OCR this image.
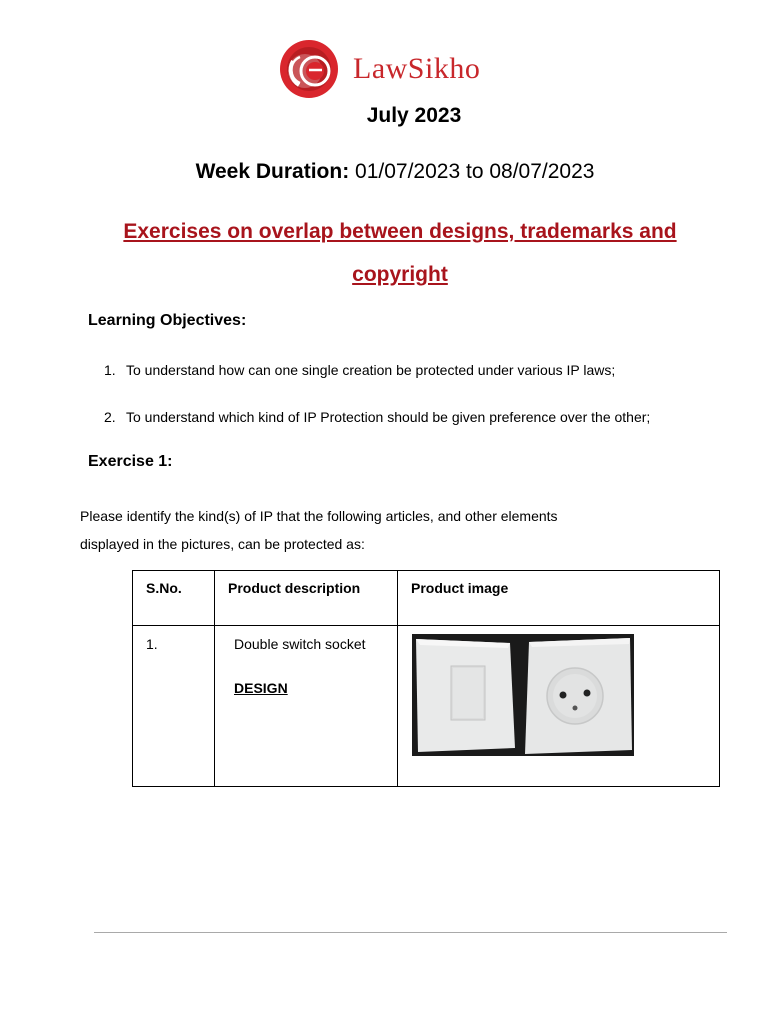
LawSikho
July 2023
Week Duration: 01/07/2023 to 08/07/2023
Exercises on overlap between designs, trademarks and copyright
Learning Objectives:
1. To understand how can one single creation be protected under various IP laws;
2. To understand which kind of IP Protection should be given preference over the other;
Exercise 1:
Please identify the kind(s) of IP that the following articles, and other elements
displayed in the pictures, can be protected as:
S.No.	Product description	Product image
1.	Double switch socket
DESIGN
